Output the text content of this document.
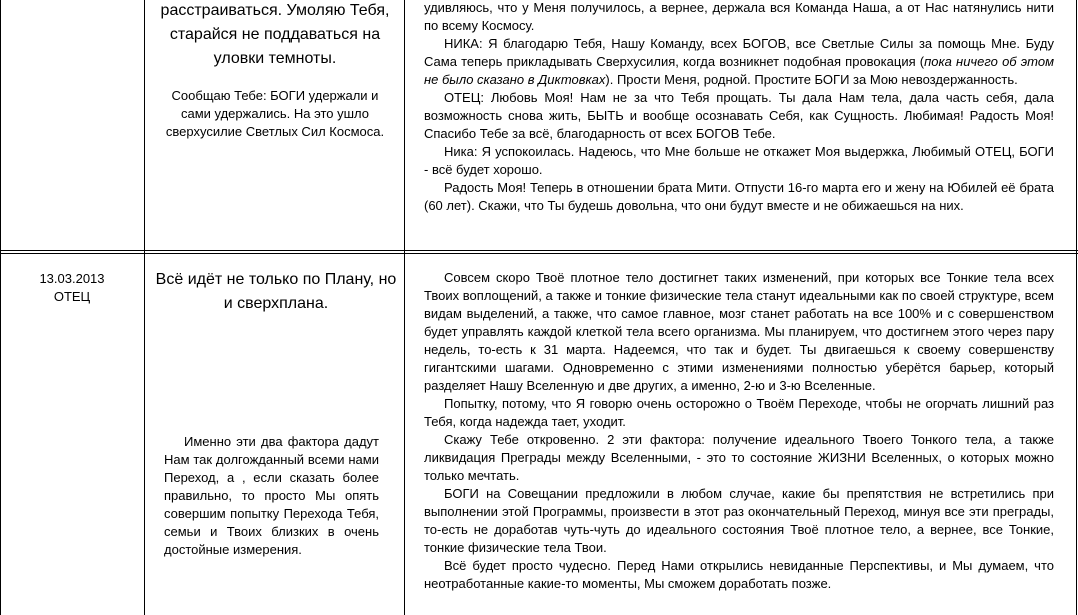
расстраиваться. Умоляю Тебя, старайся не поддаваться на уловки темноты.
Сообщаю Тебе: БОГИ удержали и сами удержались. На это ушло сверхусилие Светлых Сил Космоса.

удивляюсь, что у Меня получилось, а вернее, держала вся Команда Наша, а от Нас натянулись нити по всему Космосу.

НИКА: Я благодарю Тебя, Нашу Команду, всех БОГОВ, все Светлые Силы за помощь Мне. Буду Сама теперь прикладывать Сверхусилия, когда возникнет подобная провокация (пока ничего об этом не было сказано в Диктовках). Прости Меня, родной. Простите БОГИ за Мою невоздержанность.

ОТЕЦ: Любовь Моя! Нам не за что Тебя прощать. Ты дала Нам тела, дала часть себя, дала возможность снова жить, БЫТЬ и вообще осознавать Себя, как Сущность. Любимая! Радость Моя! Спасибо Тебе за всё, благодарность от всех БОГОВ Тебе.

Ника: Я успокоилась. Надеюсь, что Мне больше не откажет Моя выдержка, Любимый ОТЕЦ, БОГИ - всё будет хорошо.

Радость Моя! Теперь в отношении брата Мити. Отпусти 16-го марта его и жену на Юбилей её брата (60 лет). Скажи, что Ты будешь довольна, что они будут вместе и не обижаешься на них.

13.03.2013
ОТЕЦ
Всё идёт не только по Плану, но и сверхплана.
Именно эти два фактора дадут Нам так долгожданный всеми нами Переход, а , если сказать более правильно, то просто Мы опять совершим попытку Перехода Тебя, семьи и Твоих близких в очень достойные измерения.

Совсем скоро Твоё плотное тело достигнет таких изменений, при которых все Тонкие тела всех Твоих воплощений, а также и тонкие физические тела станут идеальными как по своей структуре, всем видам выделений, а также, что самое главное, мозг станет работать на все 100% и с совершенством будет управлять каждой клеткой тела всего организма. Мы планируем, что достигнем этого через пару недель, то-есть к 31 марта. Надеемся, что так и будет. Ты двигаешься к своему совершенству гигантскими шагами. Одновременно с этими изменениями полностью уберётся барьер, который разделяет Нашу Вселенную и две других, а именно, 2-ю и 3-ю Вселенные.

Попытку, потому, что Я говорю очень осторожно о Твоём Переходе, чтобы не огорчать лишний раз Тебя, когда надежда тает, уходит.

Скажу Тебе откровенно. 2 эти фактора: получение идеального Твоего Тонкого тела, а также ликвидация Преграды между Вселенными, - это то состояние ЖИЗНИ Вселенных, о которых можно только мечтать.

БОГИ на Совещании предложили в любом случае, какие бы препятствия не встретились при выполнении этой Программы, произвести в этот раз окончательный Переход, минуя все эти преграды, то-есть не доработав чуть-чуть до идеального состояния Твоё плотное тело, а вернее, все Тонкие, тонкие физические тела Твои.

Всё будет просто чудесно. Перед Нами открылись невиданные Перспективы, и Мы думаем, что неотработанные какие-то моменты, Мы сможем доработать позже.
